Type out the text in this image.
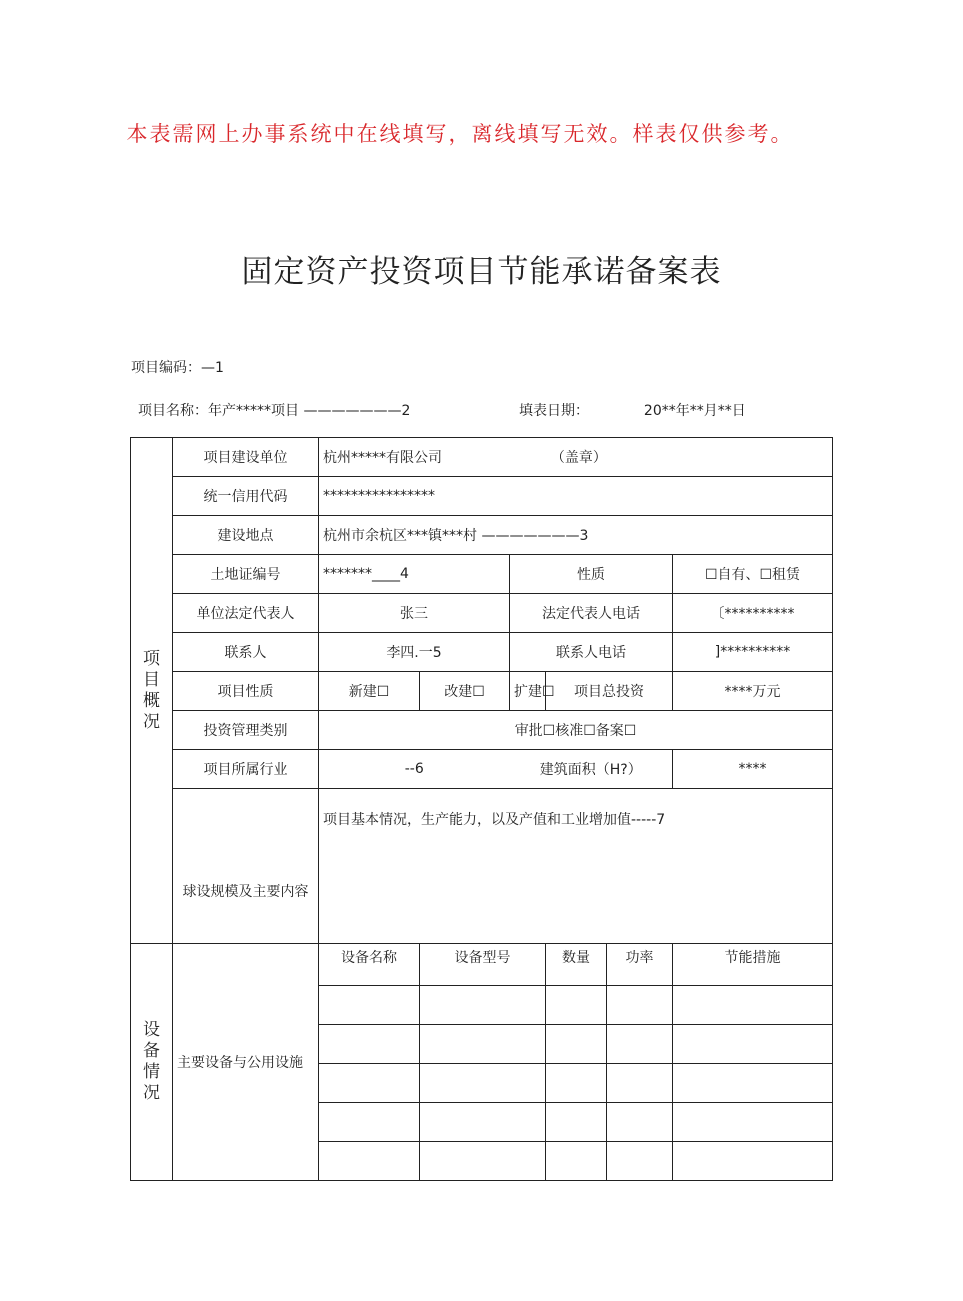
本表需网上办事系统中在线填写，离线填写无效。样表仅供参考。
固定资产投资项目节能承诺备案表
项目编码：—1
项目名称：年产*****项目 ———————2	填表日期：	20**年**月**日
项目概况	项目建设单位	杭州*****有限公司 （盖章）					
	统一信用代码	****************					
	建设地点	杭州市余杭区***镇***村 ———————3					
	土地证编号	*******____4		性质			☐自有、☐租赁
	单位法定代表人	张三		法定代表人电话			〔**********
	联系人	李四.一5		联系人电话			]**********
	项目性质	新建☐	改建☐	扩建☐	项目总投资		****万元
	投资管理类别	审批☐核准☐备案☐					
	项目所属行业	--6		建筑面积（H?）			****
	球设规模及主要内容	项目基本情况，生产能力，以及产值和工业增加值-----7					
设备情况	主要设备与公用设施	设备名称	设备型号		数量	功率	节能措施
